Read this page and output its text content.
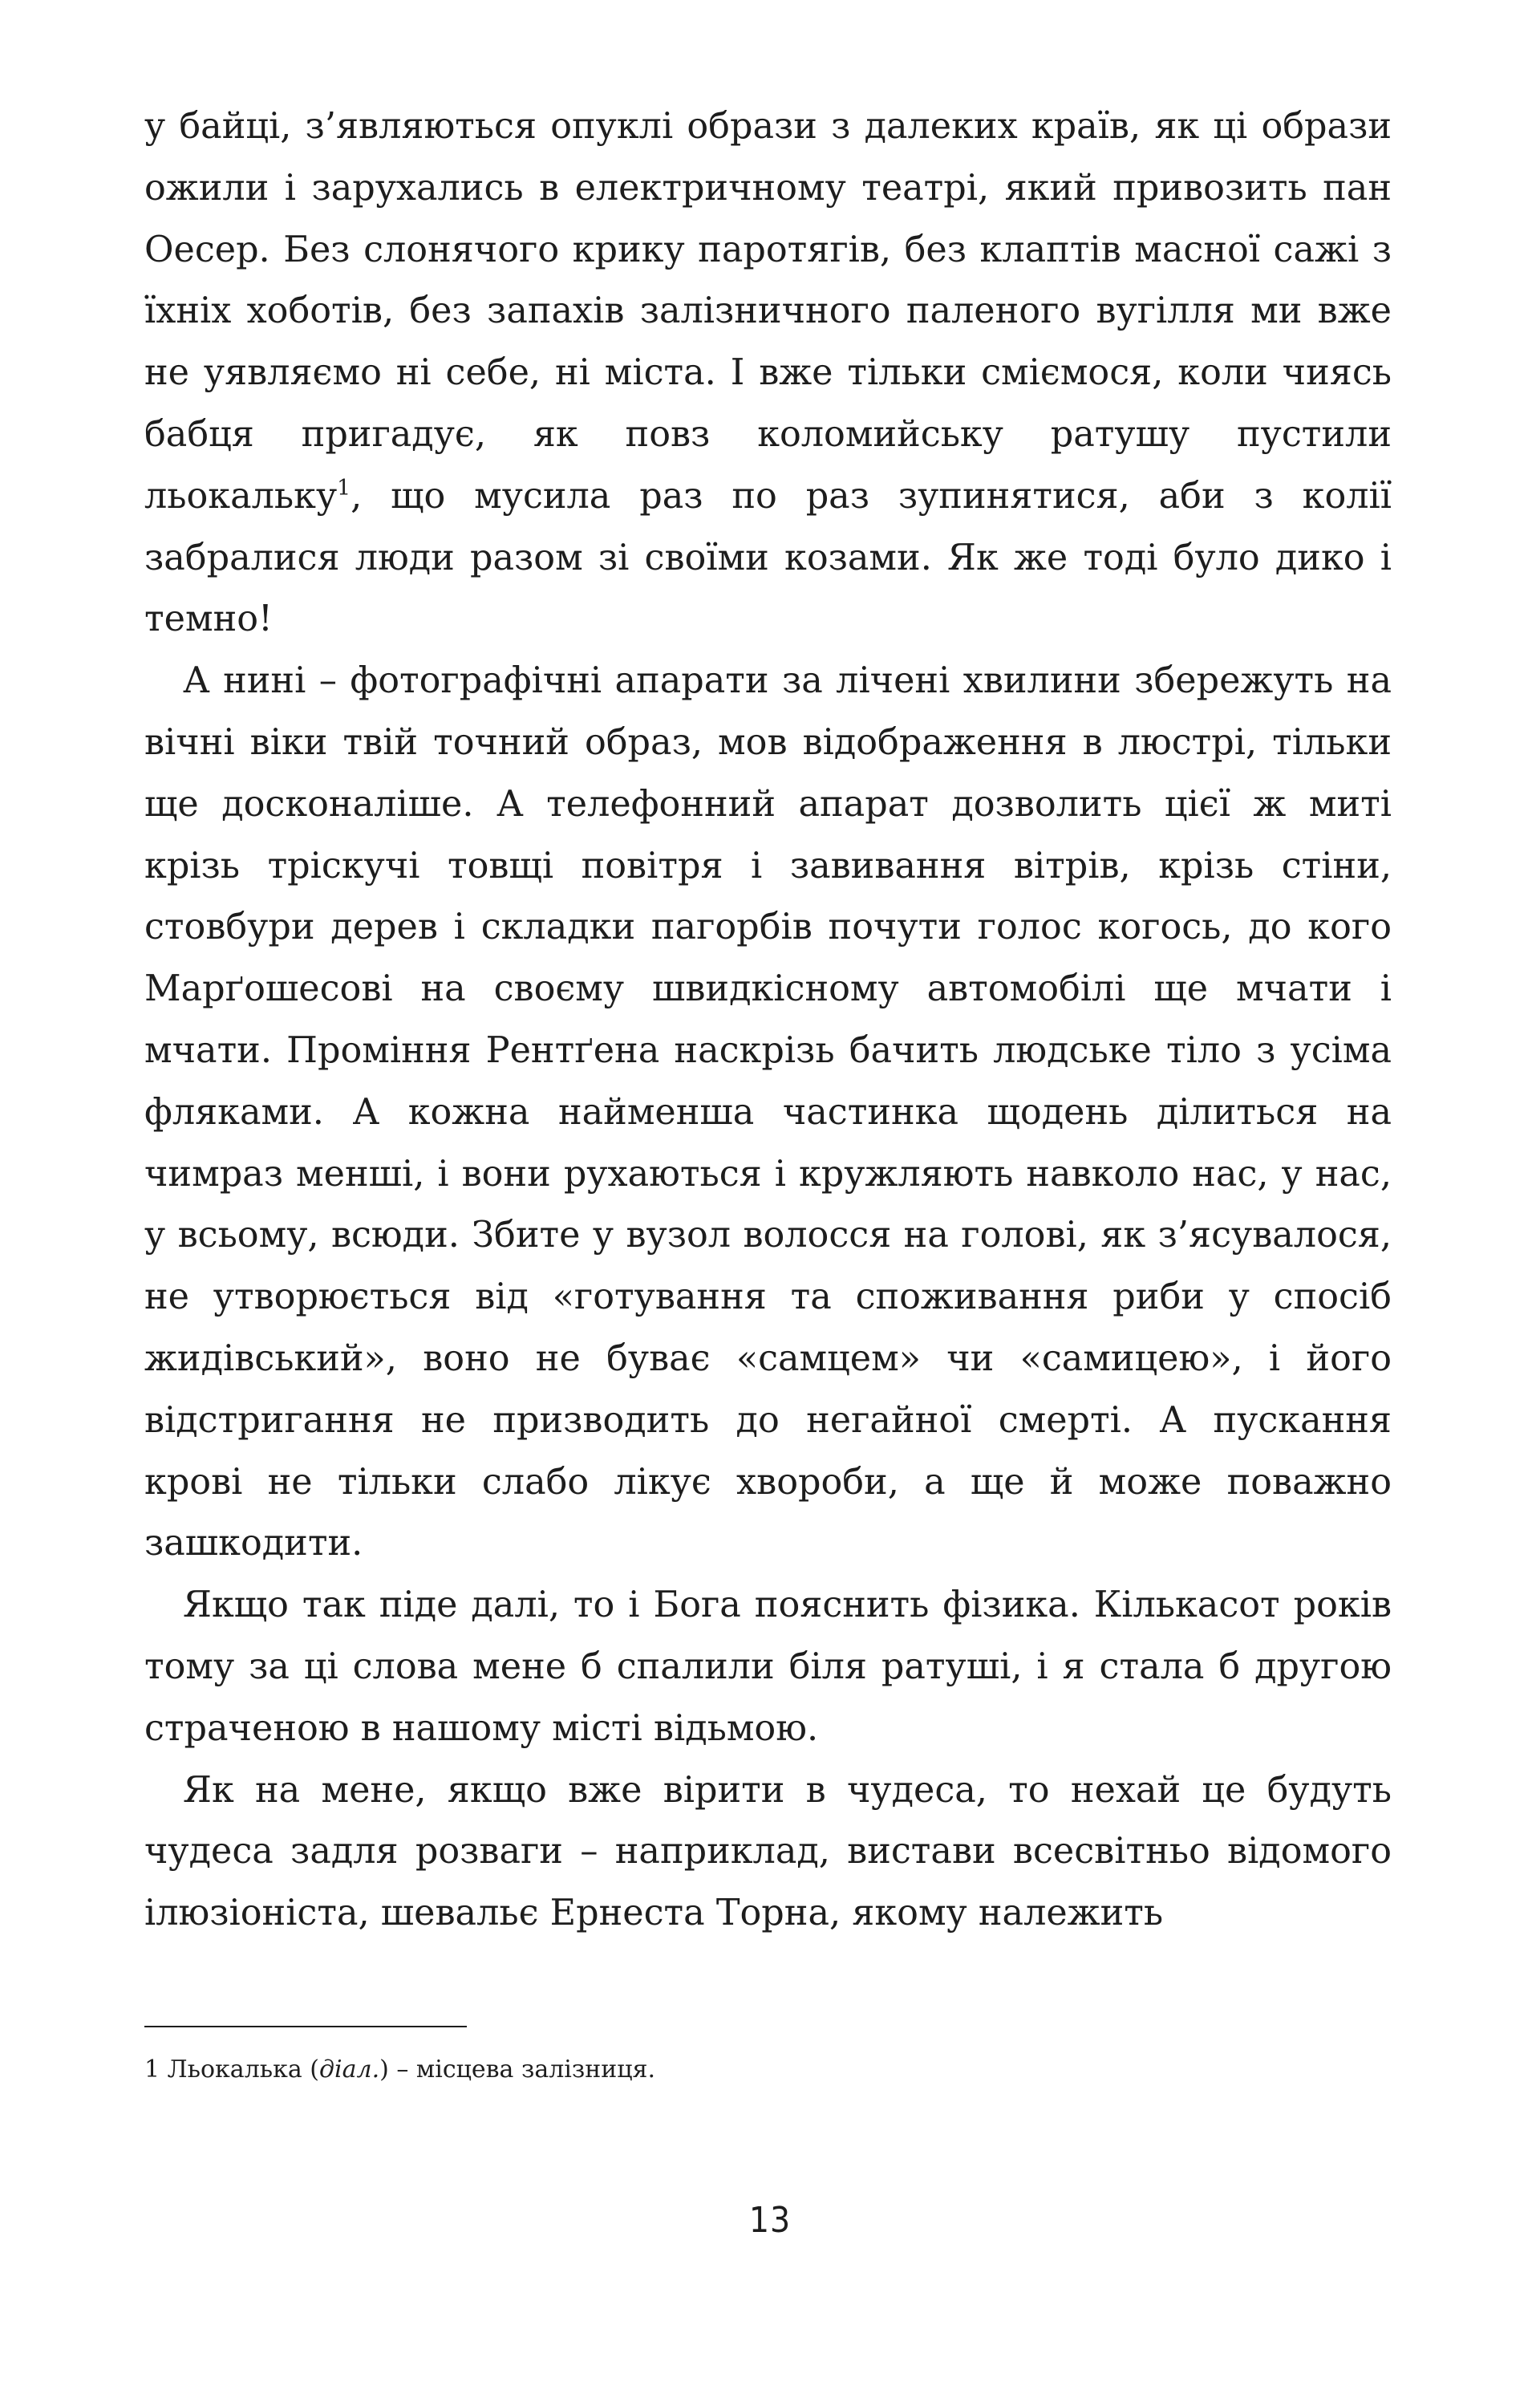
у байці, з’являються опуклі образи з далеких країв, як ці образи ожили і зарухались в електричному театрі, який привозить пан Оесер. Без слонячого крику паротягів, без клаптів масної сажі з їхніх хоботів, без запахів залізничного паленого вугілля ми вже не уявляємо ні себе, ні міста. І вже тільки сміємося, коли чиясь бабця пригадує, як повз коломийську ратушу пустили льокальку$^1$, що мусила раз по раз зупинятися, аби з колії забралися люди разом зі своїми козами. Як же тоді було дико і темно!

А нині – фотографічні апарати за лічені хвилини збережуть на вічні віки твій точний образ, мов відображення в люстрі, тільки ще досконаліше. А телефонний апарат дозволить цієї ж миті крізь тріскучі товщі повітря і завивання вітрів, крізь стіни, стовбури дерев і складки пагорбів почути голос когось, до кого Марґошесові на своєму швидкісному автомобілі ще мчати і мчати. Проміння Рентґена наскрізь бачить людське тіло з усіма фляками. А кожна найменша частинка щодень ділиться на чимраз менші, і вони рухаються і кружляють навколо нас, у нас, у всьому, всюди. Збите у вузол волосся на голові, як з’ясувалося, не утворюється від «готування та споживання риби у спосіб жидівський», воно не буває «самцем» чи «самицею», і його відстригання не призводить до негайної смерті. А пускання крові не тільки слабо лікує хвороби, а ще й може поважно зашкодити.

Якщо так піде далі, то і Бога пояснить фізика. Кількасот років тому за ці слова мене б спалили біля ратуші, і я стала б другою страченою в нашому місті відьмою.

Як на мене, якщо вже вірити в чудеса, то нехай це будуть чудеса задля розваги – наприклад, вистави всесвітньо відомого ілюзіоніста, шевальє Ернеста Торна, якому належить

1 Льокалька (діал.) – місцева залізниця.

13
